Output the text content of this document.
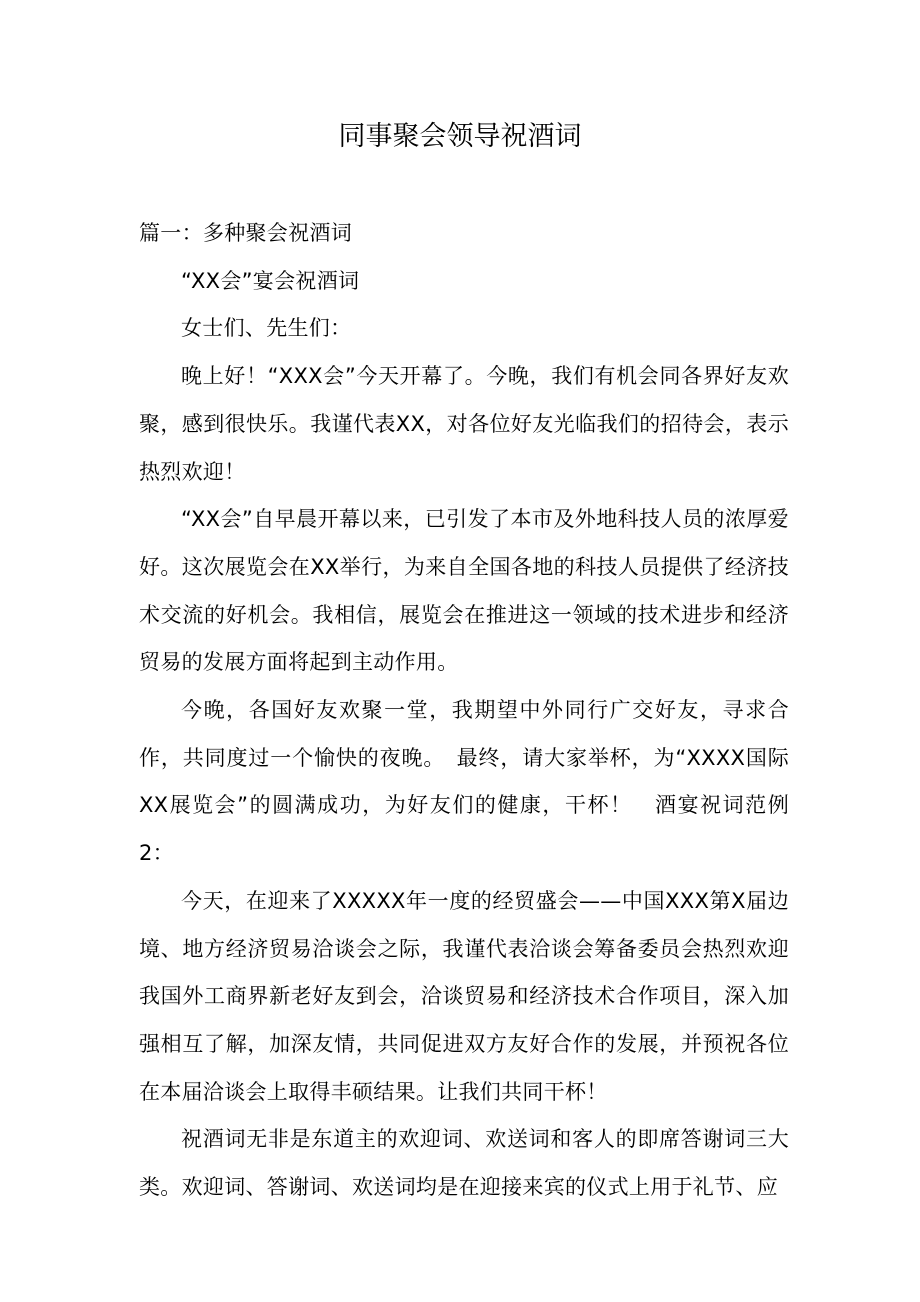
同事聚会领导祝酒词

篇一：多种聚会祝酒词

“XX会”宴会祝酒词

女士们、先生们：

晚上好！“XXX会”今天开幕了。今晚，我们有机会同各界好友欢聚，感到很快乐。我谨代表XX，对各位好友光临我们的招待会，表示热烈欢迎！

“XX会”自早晨开幕以来，已引发了本市及外地科技人员的浓厚爱好。这次展览会在XX举行，为来自全国各地的科技人员提供了经济技术交流的好机会。我相信，展览会在推进这一领域的技术进步和经济贸易的发展方面将起到主动作用。

今晚，各国好友欢聚一堂，我期望中外同行广交好友，寻求合作，共同度过一个愉快的夜晚。　最终，请大家举杯，为“XXXX国际XX展览会”的圆满成功，为好友们的健康，干杯！　酒宴祝词范例2：

今天，在迎来了XXXXX年一度的经贸盛会——中国XXX第X届边境、地方经济贸易洽谈会之际，我谨代表洽谈会筹备委员会热烈欢迎我国外工商界新老好友到会，洽谈贸易和经济技术合作项目，深入加强相互了解，加深友情，共同促进双方友好合作的发展，并预祝各位在本届洽谈会上取得丰硕结果。让我们共同干杯！

祝酒词无非是东道主的欢迎词、欢送词和客人的即席答谢词三大类。欢迎词、答谢词、欢送词均是在迎接来宾的仪式上用于礼节、应
